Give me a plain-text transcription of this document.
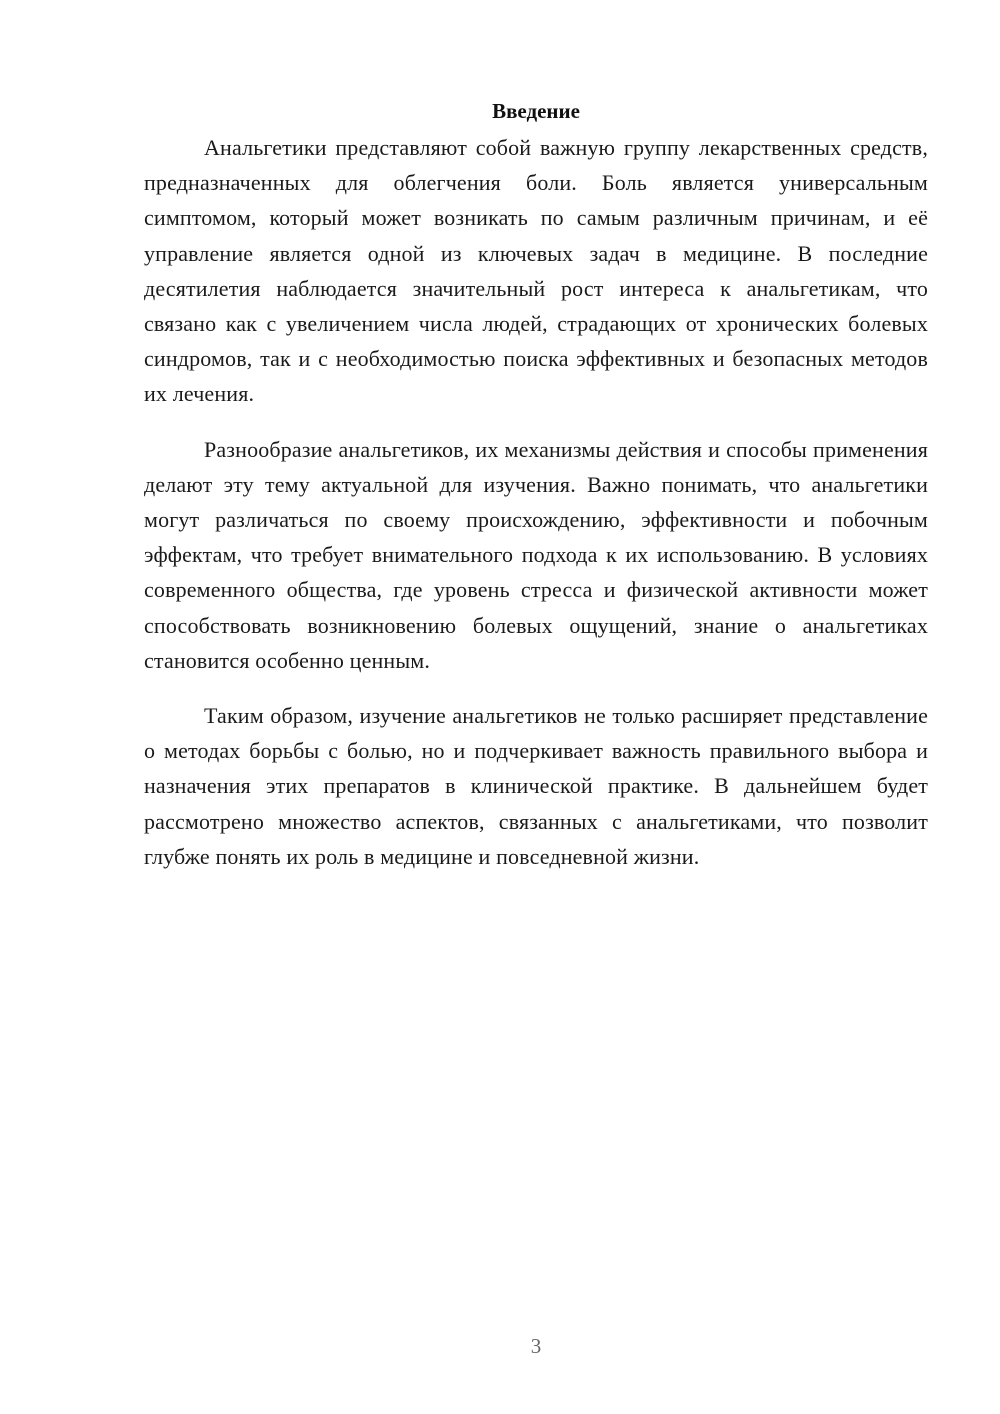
Введение

Анальгетики представляют собой важную группу лекарственных средств, предназначенных для облегчения боли. Боль является универсальным симптомом, который может возникать по самым различным причинам, и её управление является одной из ключевых задач в медицине. В последние десятилетия наблюдается значительный рост интереса к анальгетикам, что связано как с увеличением числа людей, страдающих от хронических болевых синдромов, так и с необходимостью поиска эффективных и безопасных методов их лечения.

Разнообразие анальгетиков, их механизмы действия и способы применения делают эту тему актуальной для изучения. Важно понимать, что анальгетики могут различаться по своему происхождению, эффективности и побочным эффектам, что требует внимательного подхода к их использованию. В условиях современного общества, где уровень стресса и физической активности может способствовать возникновению болевых ощущений, знание о анальгетиках становится особенно ценным.

Таким образом, изучение анальгетиков не только расширяет представление о методах борьбы с болью, но и подчеркивает важность правильного выбора и назначения этих препаратов в клинической практике. В дальнейшем будет рассмотрено множество аспектов, связанных с анальгетиками, что позволит глубже понять их роль в медицине и повседневной жизни.

3
